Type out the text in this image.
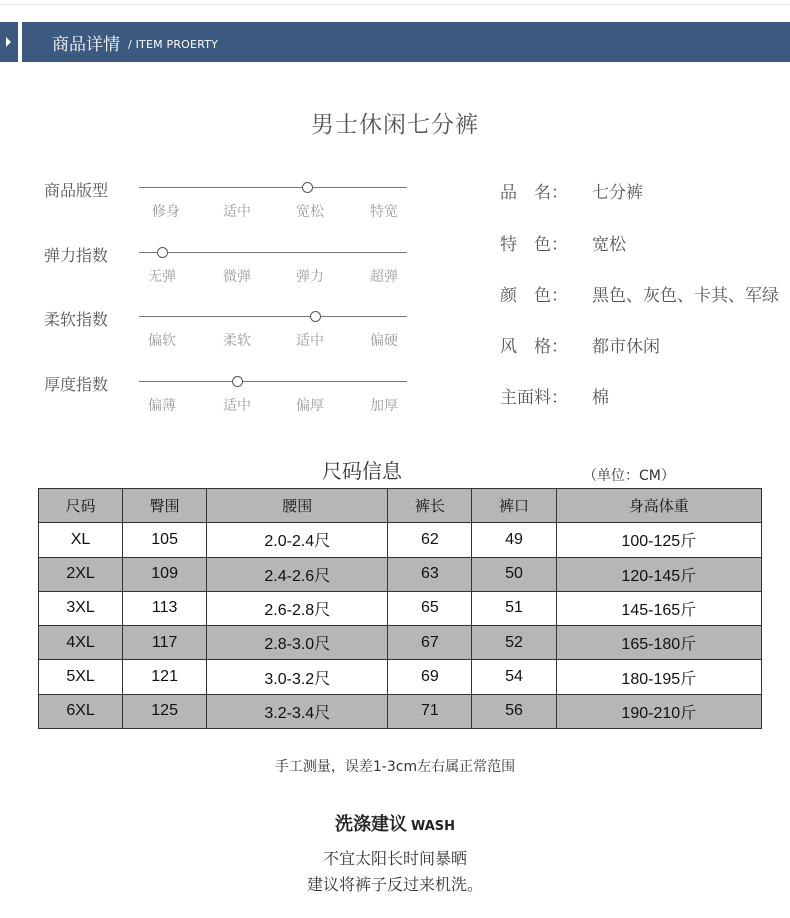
商品详情 / ITEM PROERTY
男士休闲七分裤
商品版型
修身	适中	宽松	特宽
弹力指数
无弹	微弹	弹力	超弹
柔软指数
偏软	柔软	适中	偏硬
厚度指数
偏薄	适中	偏厚	加厚
品　名： 七分裤
特　色： 宽松
颜　色： 黑色、灰色、卡其、军绿
风　格： 都市休闲
主面料： 棉
尺码信息	（单位：CM）
尺码	臀围	腰围	裤长	裤口	身高体重
XL	105	2.0-2.4尺	62	49	100-125斤
2XL	109	2.4-2.6尺	63	50	120-145斤
3XL	113	2.6-2.8尺	65	51	145-165斤
4XL	117	2.8-3.0尺	67	52	165-180斤
5XL	121	3.0-3.2尺	69	54	180-195斤
6XL	125	3.2-3.4尺	71	56	190-210斤
手工测量，误差1-3cm左右属正常范围
洗涤建议 WASH
不宜太阳长时间暴晒
建议将裤子反过来机洗。
